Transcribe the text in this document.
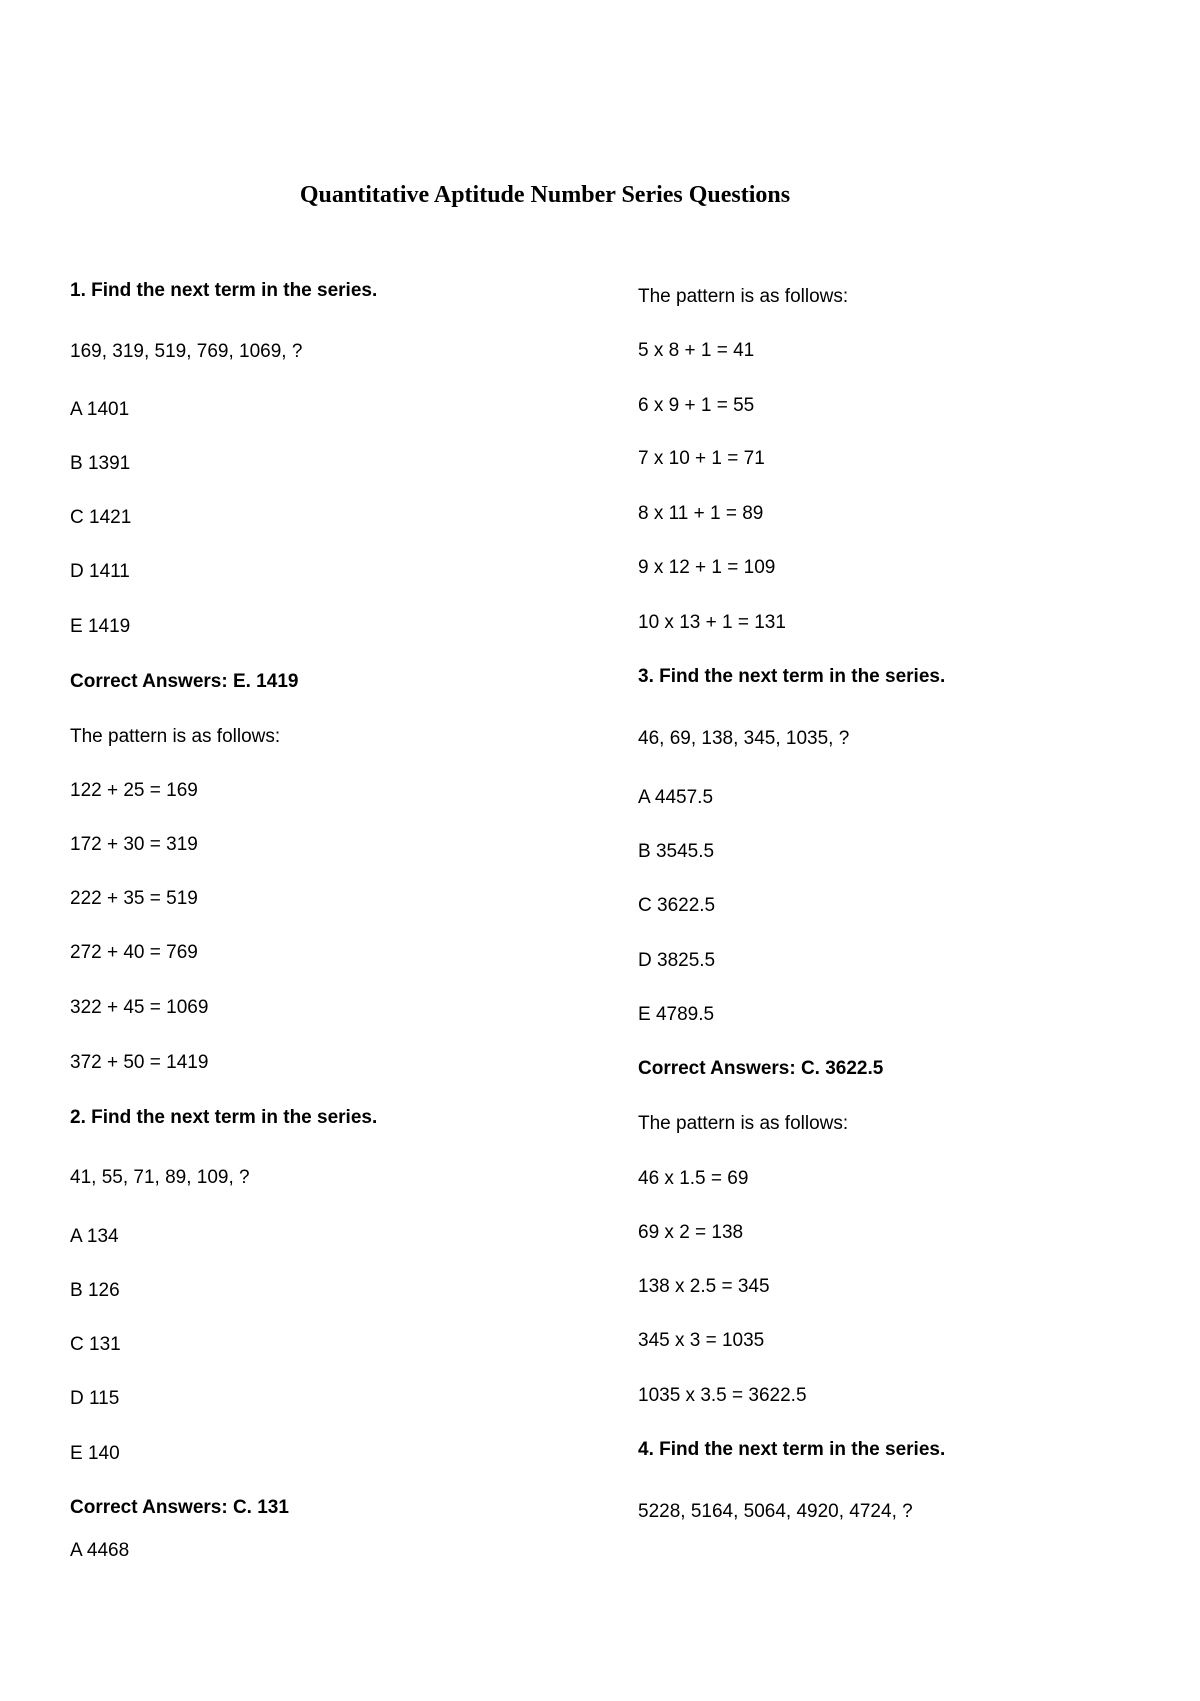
Quantitative Aptitude Number Series Questions
1. Find the next term in the series.
169, 319, 519, 769, 1069, ?
A 1401
B 1391
C 1421
D 1411
E 1419
Correct Answers: E. 1419
The pattern is as follows:
122 + 25 = 169
172 + 30 = 319
222 + 35 = 519
272 + 40 = 769
322 + 45 = 1069
372 + 50 = 1419
2. Find the next term in the series.
41, 55, 71, 89, 109, ?
A 134
B 126
C 131
D 115
E 140
Correct Answers: C. 131
A 4468
The pattern is as follows:
5 x 8 + 1 = 41
6 x 9 + 1 = 55
7 x 10 + 1 = 71
8 x 11 + 1 = 89
9 x 12 + 1 = 109
10 x 13 + 1 = 131
3. Find the next term in the series.
46, 69, 138, 345, 1035, ?
A 4457.5
B 3545.5
C 3622.5
D 3825.5
E 4789.5
Correct Answers: C. 3622.5
The pattern is as follows:
46 x 1.5 = 69
69 x 2 = 138
138 x 2.5 = 345
345 x 3 = 1035
1035 x 3.5 = 3622.5
4. Find the next term in the series.
5228, 5164, 5064, 4920, 4724, ?
